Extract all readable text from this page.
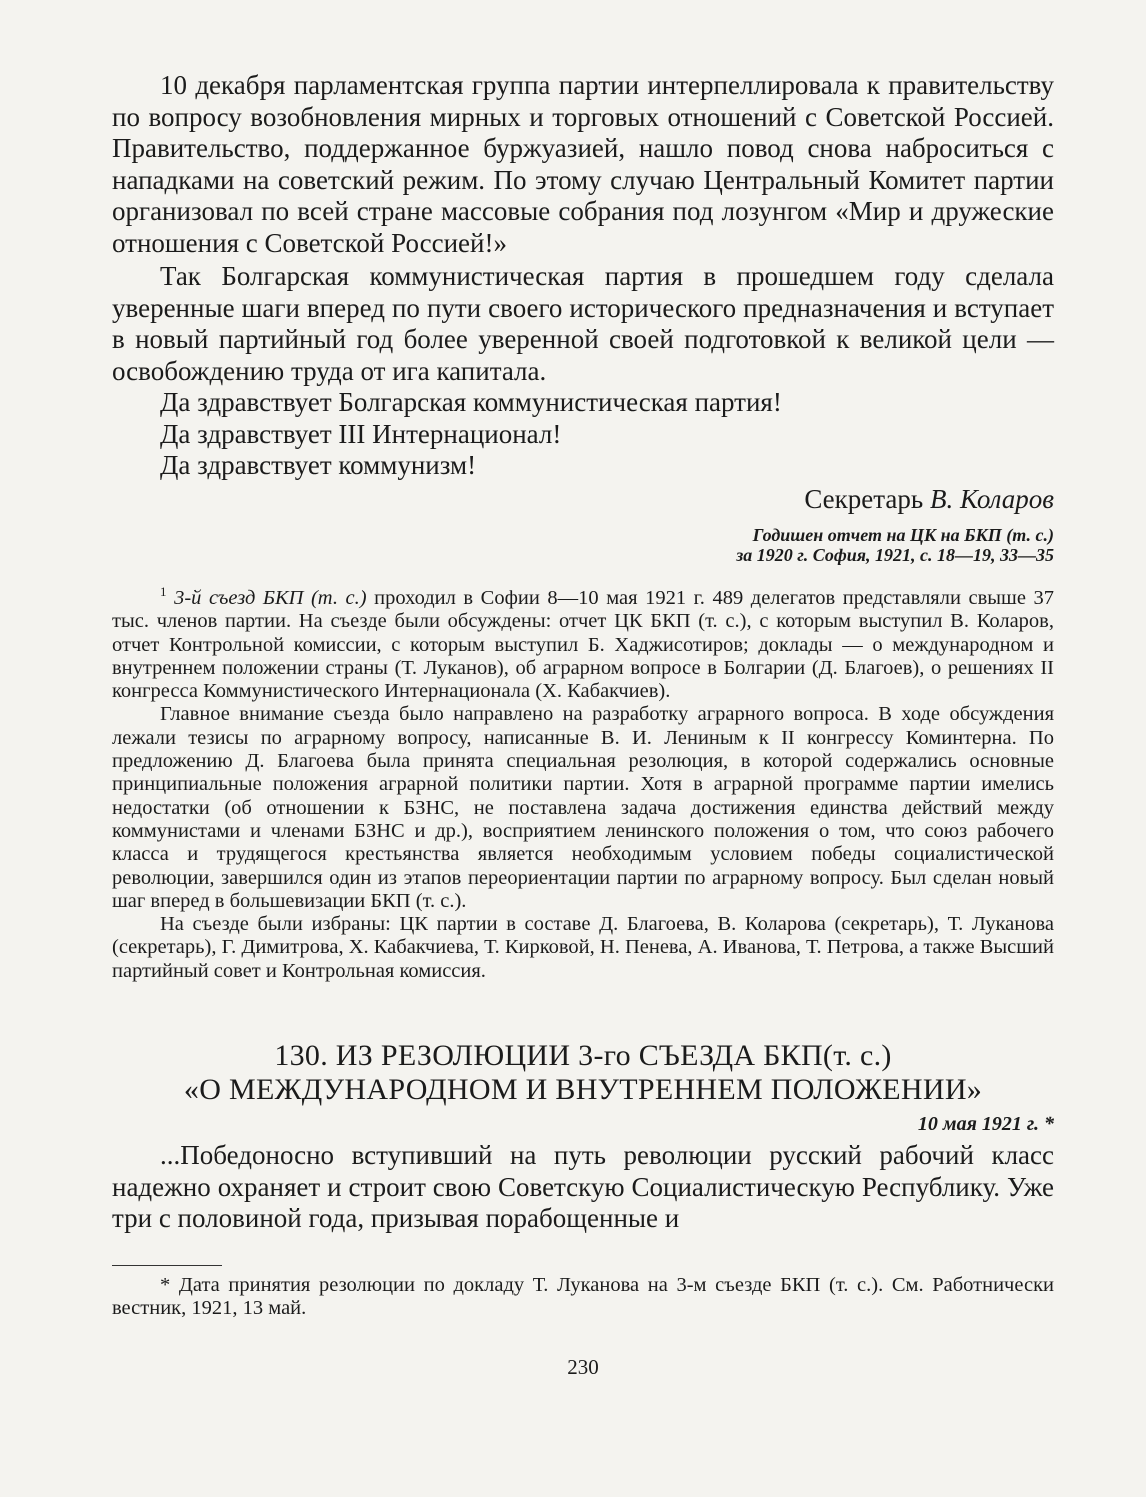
10 декабря парламентская группа партии интерпеллировала к правительству по вопросу возобновления мирных и торговых отношений с Советской Россией. Правительство, поддержанное буржуазией, нашло повод снова наброситься с нападками на советский режим. По этому случаю Центральный Комитет партии организовал по всей стране массовые собрания под лозунгом «Мир и дружеские отношения с Советской Россией!»

Так Болгарская коммунистическая партия в прошедшем году сделала уверенные шаги вперед по пути своего исторического предназначения и вступает в новый партийный год более уверенной своей подготовкой к великой цели — освобождению труда от ига капитала.

Да здравствует Болгарская коммунистическая партия!

Да здравствует III Интернационал!

Да здравствует коммунизм!

Секретарь В. Коларов

Годишен отчет на ЦК на БКП (т. с.)
за 1920 г. София, 1921, с. 18—19, 33—35

$^1$ 3-й съезд БКП (т. с.) проходил в Софии 8—10 мая 1921 г. 489 делегатов представляли свыше 37 тыс. членов партии. На съезде были обсуждены: отчет ЦК БКП (т. с.), с которым выступил В. Коларов, отчет Контрольной комиссии, с которым выступил Б. Хаджисотиров; доклады — о международном и внутреннем положении страны (Т. Луканов), об аграрном вопросе в Болгарии (Д. Благоев), о решениях II конгресса Коммунистического Интернационала (Х. Кабакчиев).

Главное внимание съезда было направлено на разработку аграрного вопроса. В ходе обсуждения лежали тезисы по аграрному вопросу, написанные В. И. Лениным к II конгрессу Коминтерна. По предложению Д. Благоева была принята специальная резолюция, в которой содержались основные принципиальные положения аграрной политики партии. Хотя в аграрной программе партии имелись недостатки (об отношении к БЗНС, не поставлена задача достижения единства действий между коммунистами и членами БЗНС и др.), восприятием ленинского положения о том, что союз рабочего класса и трудящегося крестьянства является необходимым условием победы социалистической революции, завершился один из этапов переориентации партии по аграрному вопросу. Был сделан новый шаг вперед в большевизации БКП (т. с.).

На съезде были избраны: ЦК партии в составе Д. Благоева, В. Коларова (секретарь), Т. Луканова (секретарь), Г. Димитрова, Х. Кабакчиева, Т. Кирковой, Н. Пенева, А. Иванова, Т. Петрова, а также Высший партийный совет и Контрольная комиссия.

130. ИЗ РЕЗОЛЮЦИИ 3-го СЪЕЗДА БКП(т. с.)
«О МЕЖДУНАРОДНОМ И ВНУТРЕННЕМ ПОЛОЖЕНИИ»
10 мая 1921 г. *

...Победоносно вступивший на путь революции русский рабочий класс надежно охраняет и строит свою Советскую Социалистическую Республику. Уже три с половиной года, призывая порабощенные и

* Дата принятия резолюции по докладу Т. Луканова на 3-м съезде БКП (т. с.). См. Работнически вестник, 1921, 13 май.

230
